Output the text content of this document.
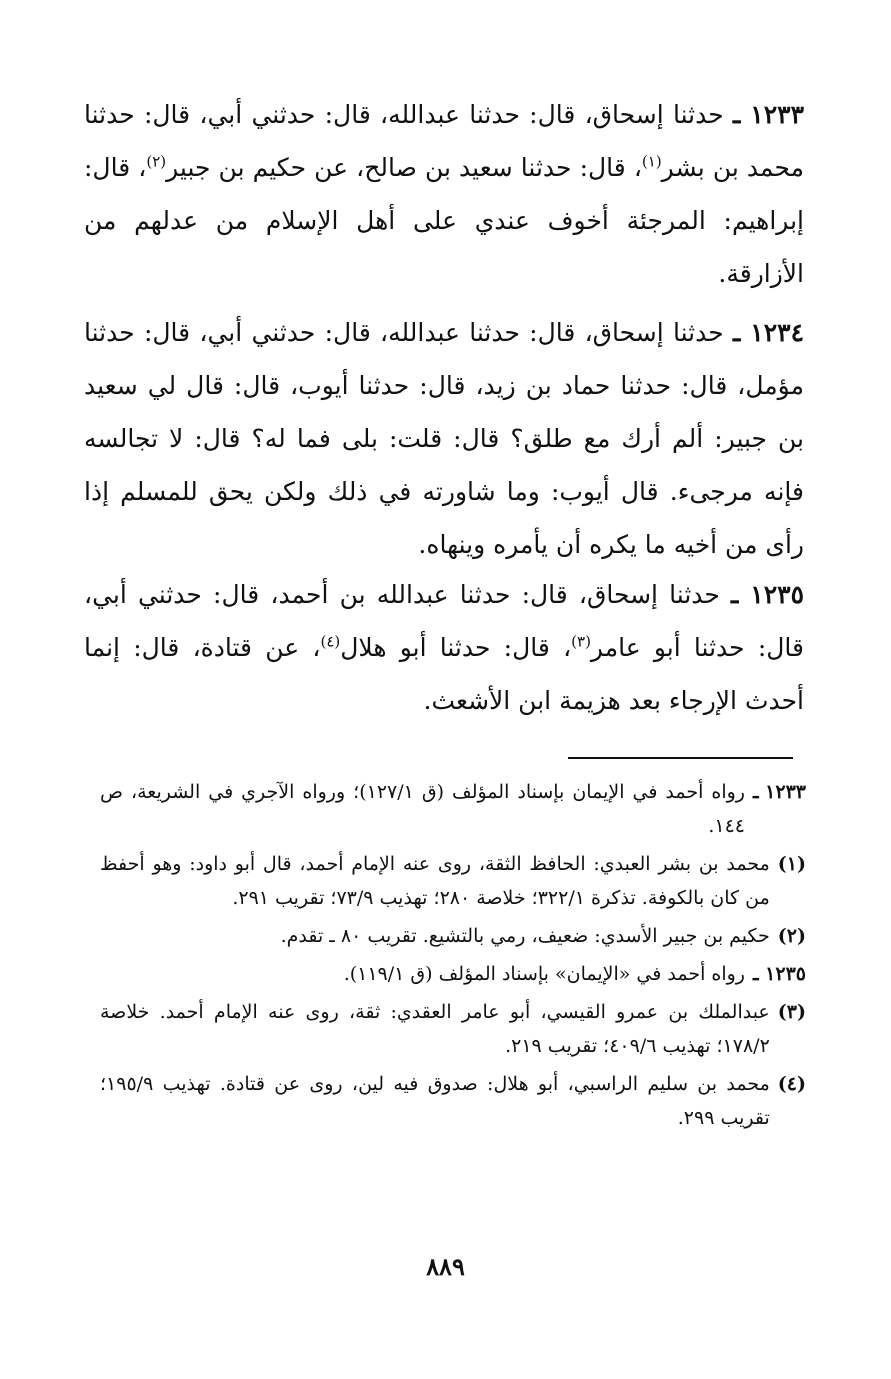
١٢٣٣ ـ حدثنا إسحاق، قال: حدثنا عبدالله، قال: حدثني أبي، قال: حدثنا محمد بن بشر$^{(١)}$، قال: حدثنا سعيد بن صالح، عن حكيم بن جبير$^{(٢)}$، قال: إبراهيم: المرجئة أخوف عندي على أهل الإسلام من عدلهم من الأزارقة.

١٢٣٤ ـ حدثنا إسحاق، قال: حدثنا عبدالله، قال: حدثني أبي، قال: حدثنا مؤمل، قال: حدثنا حماد بن زيد، قال: حدثنا أيوب، قال: قال لي سعيد بن جبير: ألم أرك مع طلق؟ قال: قلت: بلى فما له؟ قال: لا تجالسه فإنه مرجىء. قال أيوب: وما شاورته في ذلك ولكن يحق للمسلم إذا رأى من أخيه ما يكره أن يأمره وينهاه.

١٢٣٥ ـ حدثنا إسحاق، قال: حدثنا عبدالله بن أحمد، قال: حدثني أبي، قال: حدثنا أبو عامر$^{(٣)}$، قال: حدثنا أبو هلال$^{(٤)}$، عن قتادة، قال: إنما أحدث الإرجاء بعد هزيمة ابن الأشعث.

١٢٣٣ ـ
رواه أحمد في الإيمان بإسناد المؤلف (ق ١٢٧/١)؛ ورواه الآجري في الشريعة، ص ١٤٤.
(١)
محمد بن بشر العبدي: الحافظ الثقة، روى عنه الإمام أحمد، قال أبو داود: وهو أحفظ من كان بالكوفة. تذكرة ٣٢٢/١؛ خلاصة ٢٨٠؛ تهذيب ٧٣/٩؛ تقريب ٢٩١.
(٢)
حكيم بن جبير الأسدي: ضعيف، رمي بالتشيع. تقريب ٨٠ ـ تقدم.
١٢٣٥ ـ
رواه أحمد في «الإيمان» بإسناد المؤلف (ق ١١٩/١).
(٣)
عبدالملك بن عمرو القيسي، أبو عامر العقدي: ثقة، روى عنه الإمام أحمد. خلاصة ١٧٨/٢؛ تهذيب ٤٠٩/٦؛ تقريب ٢١٩.
(٤)
محمد بن سليم الراسبي، أبو هلال: صدوق فيه لين، روى عن قتادة. تهذيب ١٩٥/٩؛ تقريب ٢٩٩.
٨٨٩
